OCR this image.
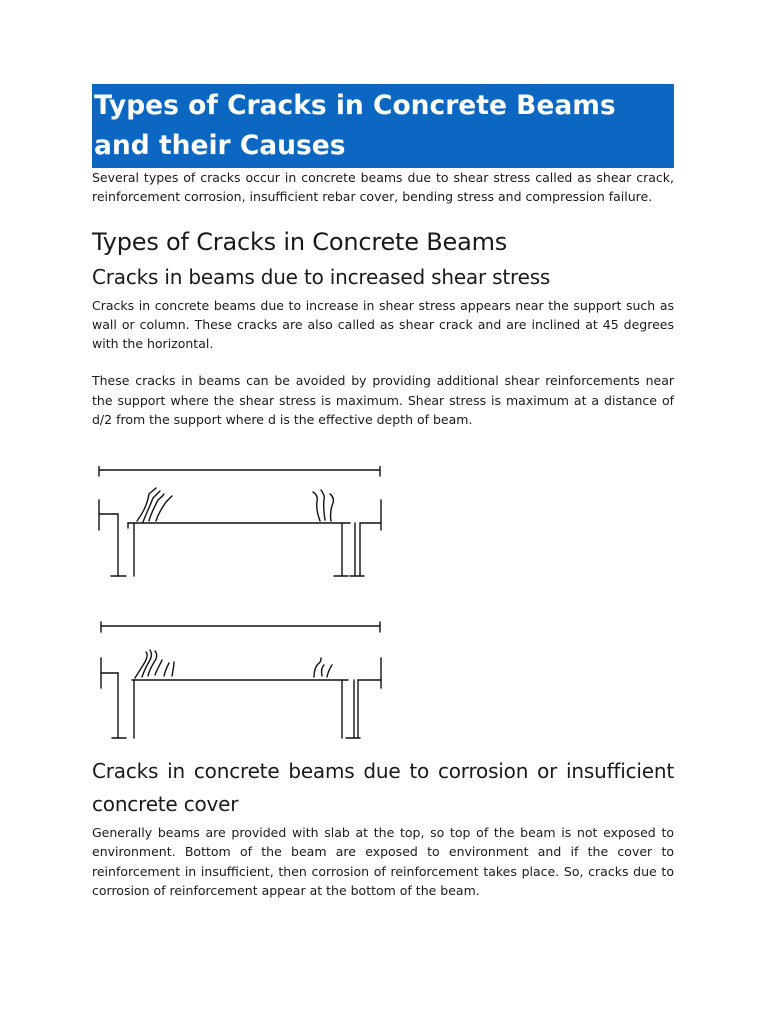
Types of Cracks in Concrete Beams and their Causes

Several types of cracks occur in concrete beams due to shear stress called as shear crack, reinforcement corrosion, insufficient rebar cover, bending stress and compression failure.

Types of Cracks in Concrete Beams
Cracks in beams due to increased shear stress

Cracks in concrete beams due to increase in shear stress appears near the support such as wall or column. These cracks are also called as shear crack and are inclined at 45 degrees with the horizontal.

These cracks in beams can be avoided by providing additional shear reinforcements near the support where the shear stress is maximum. Shear stress is maximum at a distance of d/2 from the support where d is the effective depth of beam.

Cracks in concrete beams due to corrosion or insufficient concrete cover

Generally beams are provided with slab at the top, so top of the beam is not exposed to environment. Bottom of the beam are exposed to environment and if the cover to reinforcement in insufficient, then corrosion of reinforcement takes place. So, cracks due to corrosion of reinforcement appear at the bottom of the beam.
